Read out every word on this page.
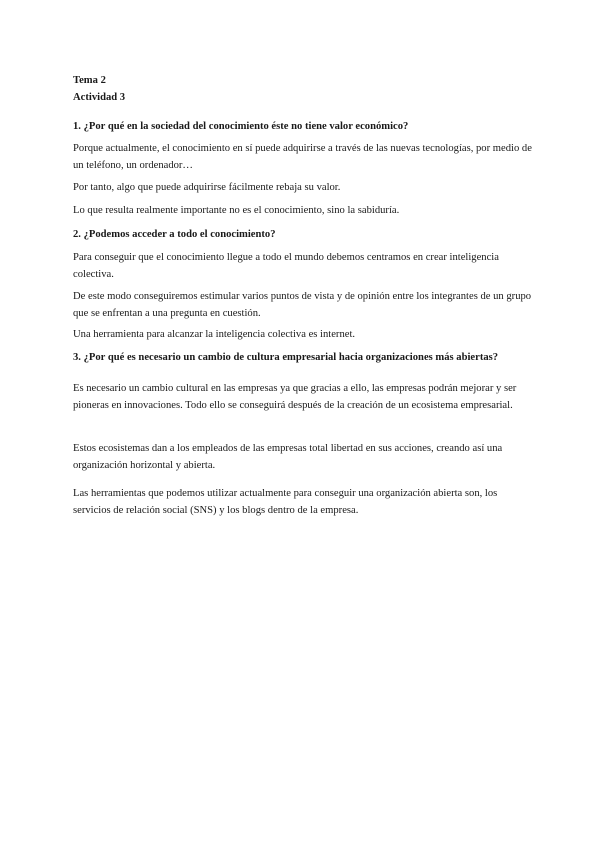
Tema 2

Actividad 3

1. ¿Por qué en la sociedad del conocimiento éste no tiene valor económico?

Porque actualmente, el conocimiento en sí puede adquirirse a través de las nuevas tecnologías, por medio de un teléfono, un ordenador…

Por tanto, algo que puede adquirirse fácilmente rebaja su valor.

Lo que resulta realmente importante no es el conocimiento, sino la sabiduría.

2. ¿Podemos acceder a todo el conocimiento?

Para conseguir que el conocimiento llegue a todo el mundo debemos centramos en crear inteligencia colectiva.

De este modo conseguiremos estimular varios puntos de vista y de opinión entre los integrantes de un grupo que se enfrentan a una pregunta en cuestión.

Una herramienta para alcanzar la inteligencia colectiva es internet.

3. ¿Por qué es necesario un cambio de cultura empresarial hacia organizaciones más abiertas?

Es necesario un cambio cultural en las empresas ya que gracias a ello, las empresas podrán mejorar y ser pioneras en innovaciones. Todo ello se conseguirá después de la creación de un ecosistema empresarial.

Estos ecosistemas dan a los empleados de las empresas total libertad en sus acciones, creando así una organización horizontal y abierta.

Las herramientas que podemos utilizar actualmente para conseguir una organización abierta son, los servicios de relación social (SNS) y los blogs dentro de la empresa.
